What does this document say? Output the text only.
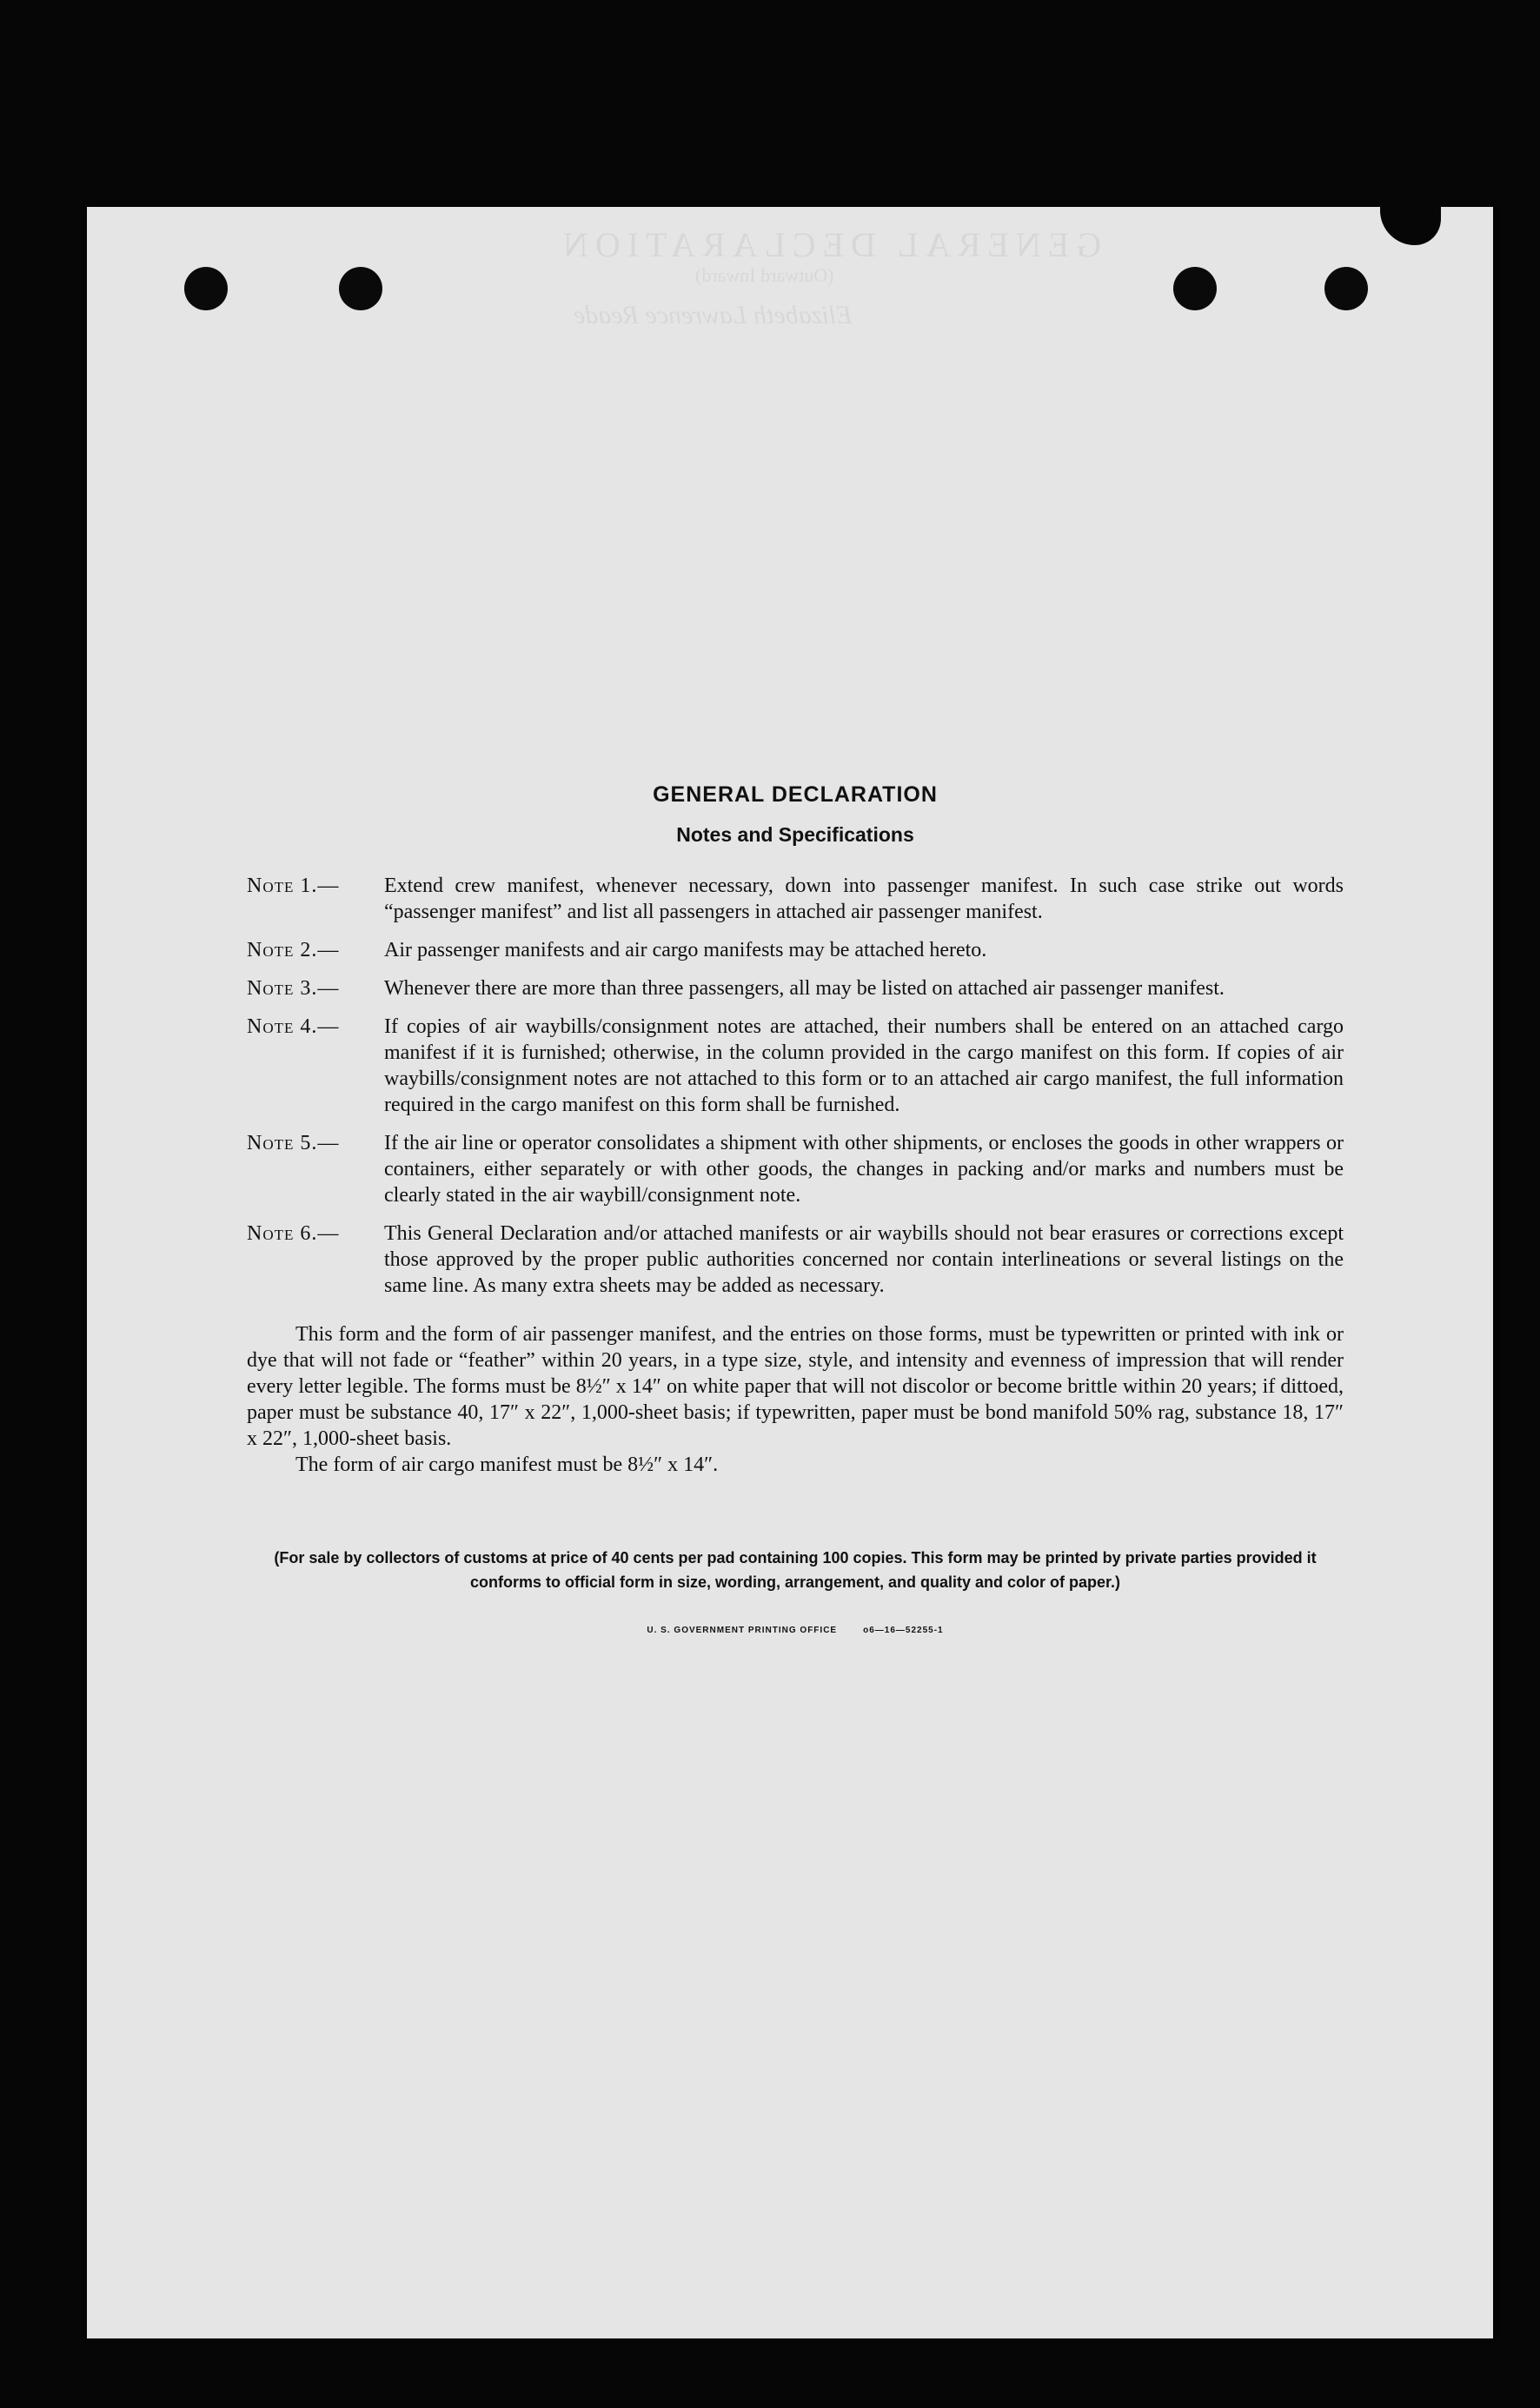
GENERAL DECLARATION
(Outward Inward)
Elizabeth Lawrence Reade
GENERAL DECLARATION
Notes and Specifications
Note 1.—	Extend crew manifest, whenever necessary, down into passenger manifest. In such case strike out words “passenger manifest” and list all passengers in attached air passenger manifest.
Note 2.—	Air passenger manifests and air cargo manifests may be attached hereto.
Note 3.—	Whenever there are more than three passengers, all may be listed on attached air passenger manifest.
Note 4.—	If copies of air waybills/consignment notes are attached, their numbers shall be entered on an attached cargo manifest if it is furnished; otherwise, in the column provided in the cargo manifest on this form. If copies of air waybills/consignment notes are not attached to this form or to an attached air cargo manifest, the full information required in the cargo manifest on this form shall be furnished.
Note 5.—	If the air line or operator consolidates a shipment with other shipments, or encloses the goods in other wrappers or containers, either separately or with other goods, the changes in packing and/or marks and numbers must be clearly stated in the air waybill/consignment note.
Note 6.—	This General Declaration and/or attached manifests or air waybills should not bear erasures or corrections except those approved by the proper public authorities concerned nor contain interlineations or several listings on the same line. As many extra sheets may be added as necessary.
This form and the form of air passenger manifest, and the entries on those forms, must be typewritten or printed with ink or dye that will not fade or “feather” within 20 years, in a type size, style, and intensity and evenness of impression that will render every letter legible. The forms must be 8½″ x 14″ on white paper that will not discolor or become brittle within 20 years; if dittoed, paper must be substance 40, 17″ x 22″, 1,000-sheet basis; if typewritten, paper must be bond manifold 50% rag, substance 18, 17″ x 22″, 1,000-sheet basis.
The form of air cargo manifest must be 8½″ x 14″.
(For sale by collectors of customs at price of 40 cents per pad containing 100 copies. This form may be printed by private parties provided it conforms to official form in size, wording, arrangement, and quality and color of paper.)
U. S. GOVERNMENT PRINTING OFFICE	o6—16—52255-1
